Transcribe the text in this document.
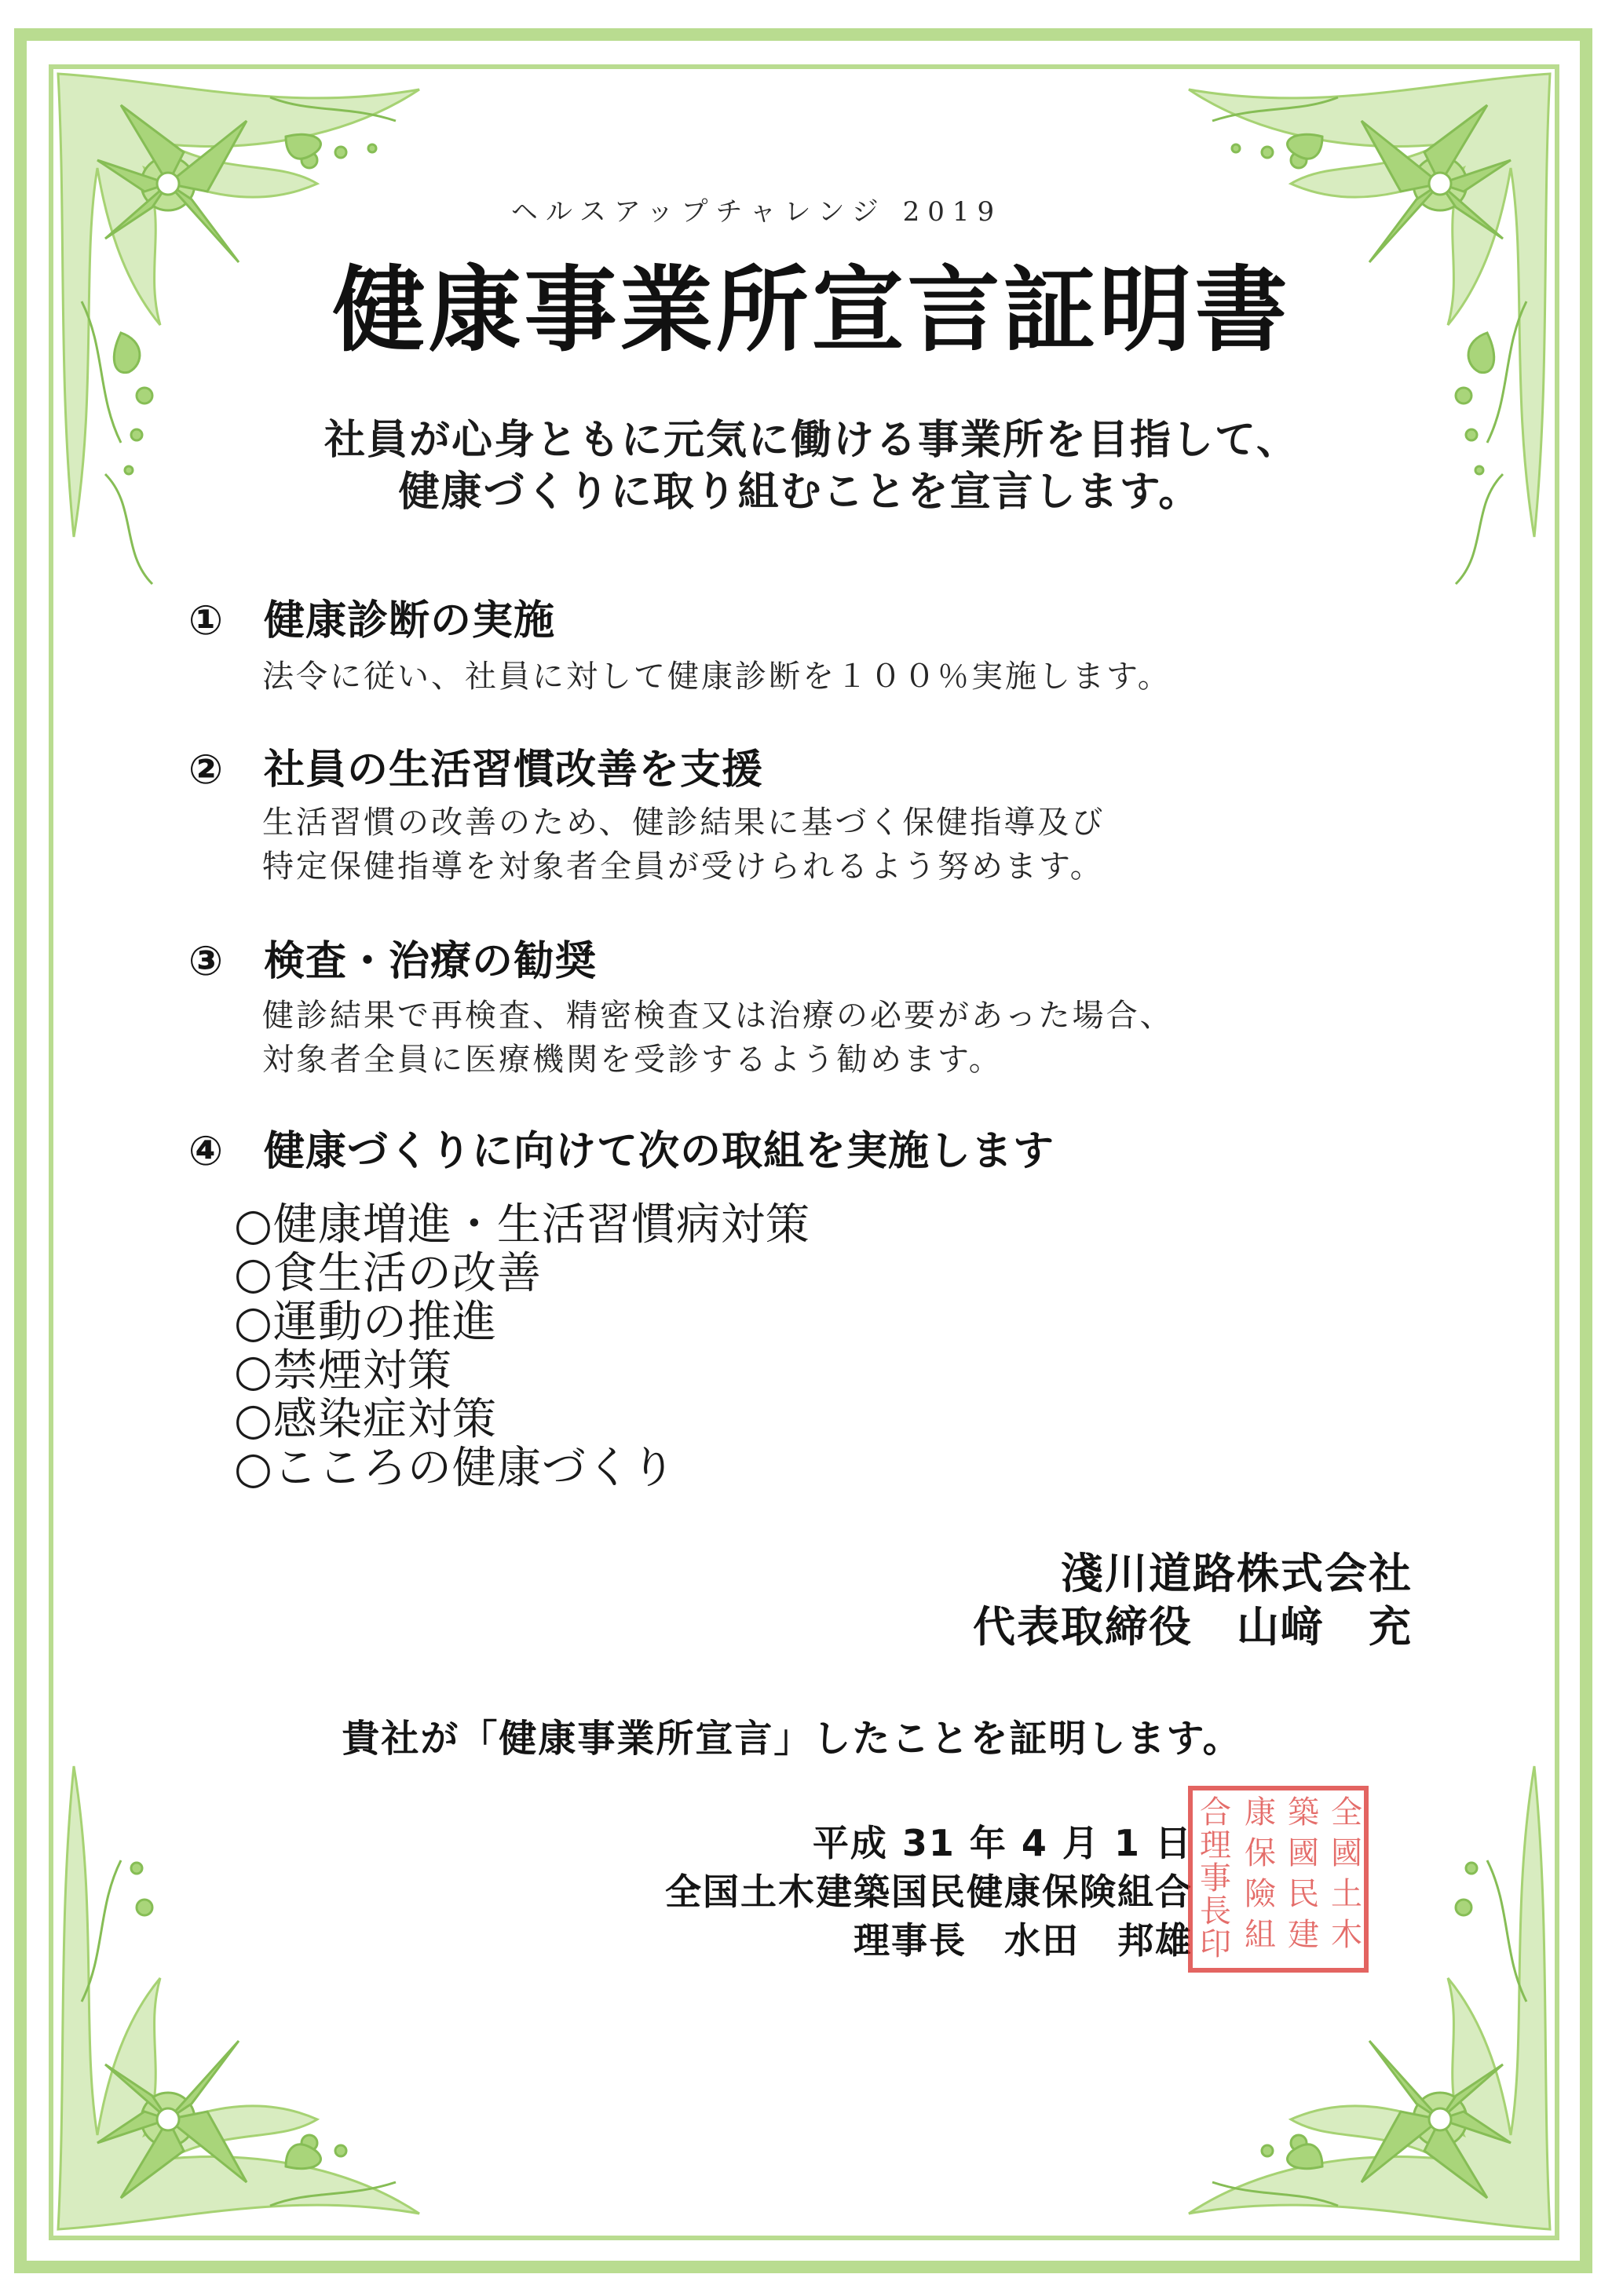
ヘルスアップチャレンジ 2019
健康事業所宣言証明書
社員が心身ともに元気に働ける事業所を目指して、
健康づくりに取り組むことを宣言します。
① 健康診断の実施
法令に従い、社員に対して健康診断を１００％実施します。
② 社員の生活習慣改善を支援
生活習慣の改善のため、健診結果に基づく保健指導及び
特定保健指導を対象者全員が受けられるよう努めます。
③ 検査・治療の勧奨
健診結果で再検査、精密検査又は治療の必要があった場合、
対象者全員に医療機関を受診するよう勧めます。
④ 健康づくりに向けて次の取組を実施します
○健康増進・生活習慣病対策
○食生活の改善
○運動の推進
○禁煙対策
○感染症対策
○こころの健康づくり
淺川道路株式会社
代表取締役　山﨑　充
貴社が「健康事業所宣言」したことを証明します。
平成 31 年 4 月 1 日
全国土木建築国民健康保険組合
理事長　水田　邦雄
全國土木
築國民建
康保險組
合理事長印
